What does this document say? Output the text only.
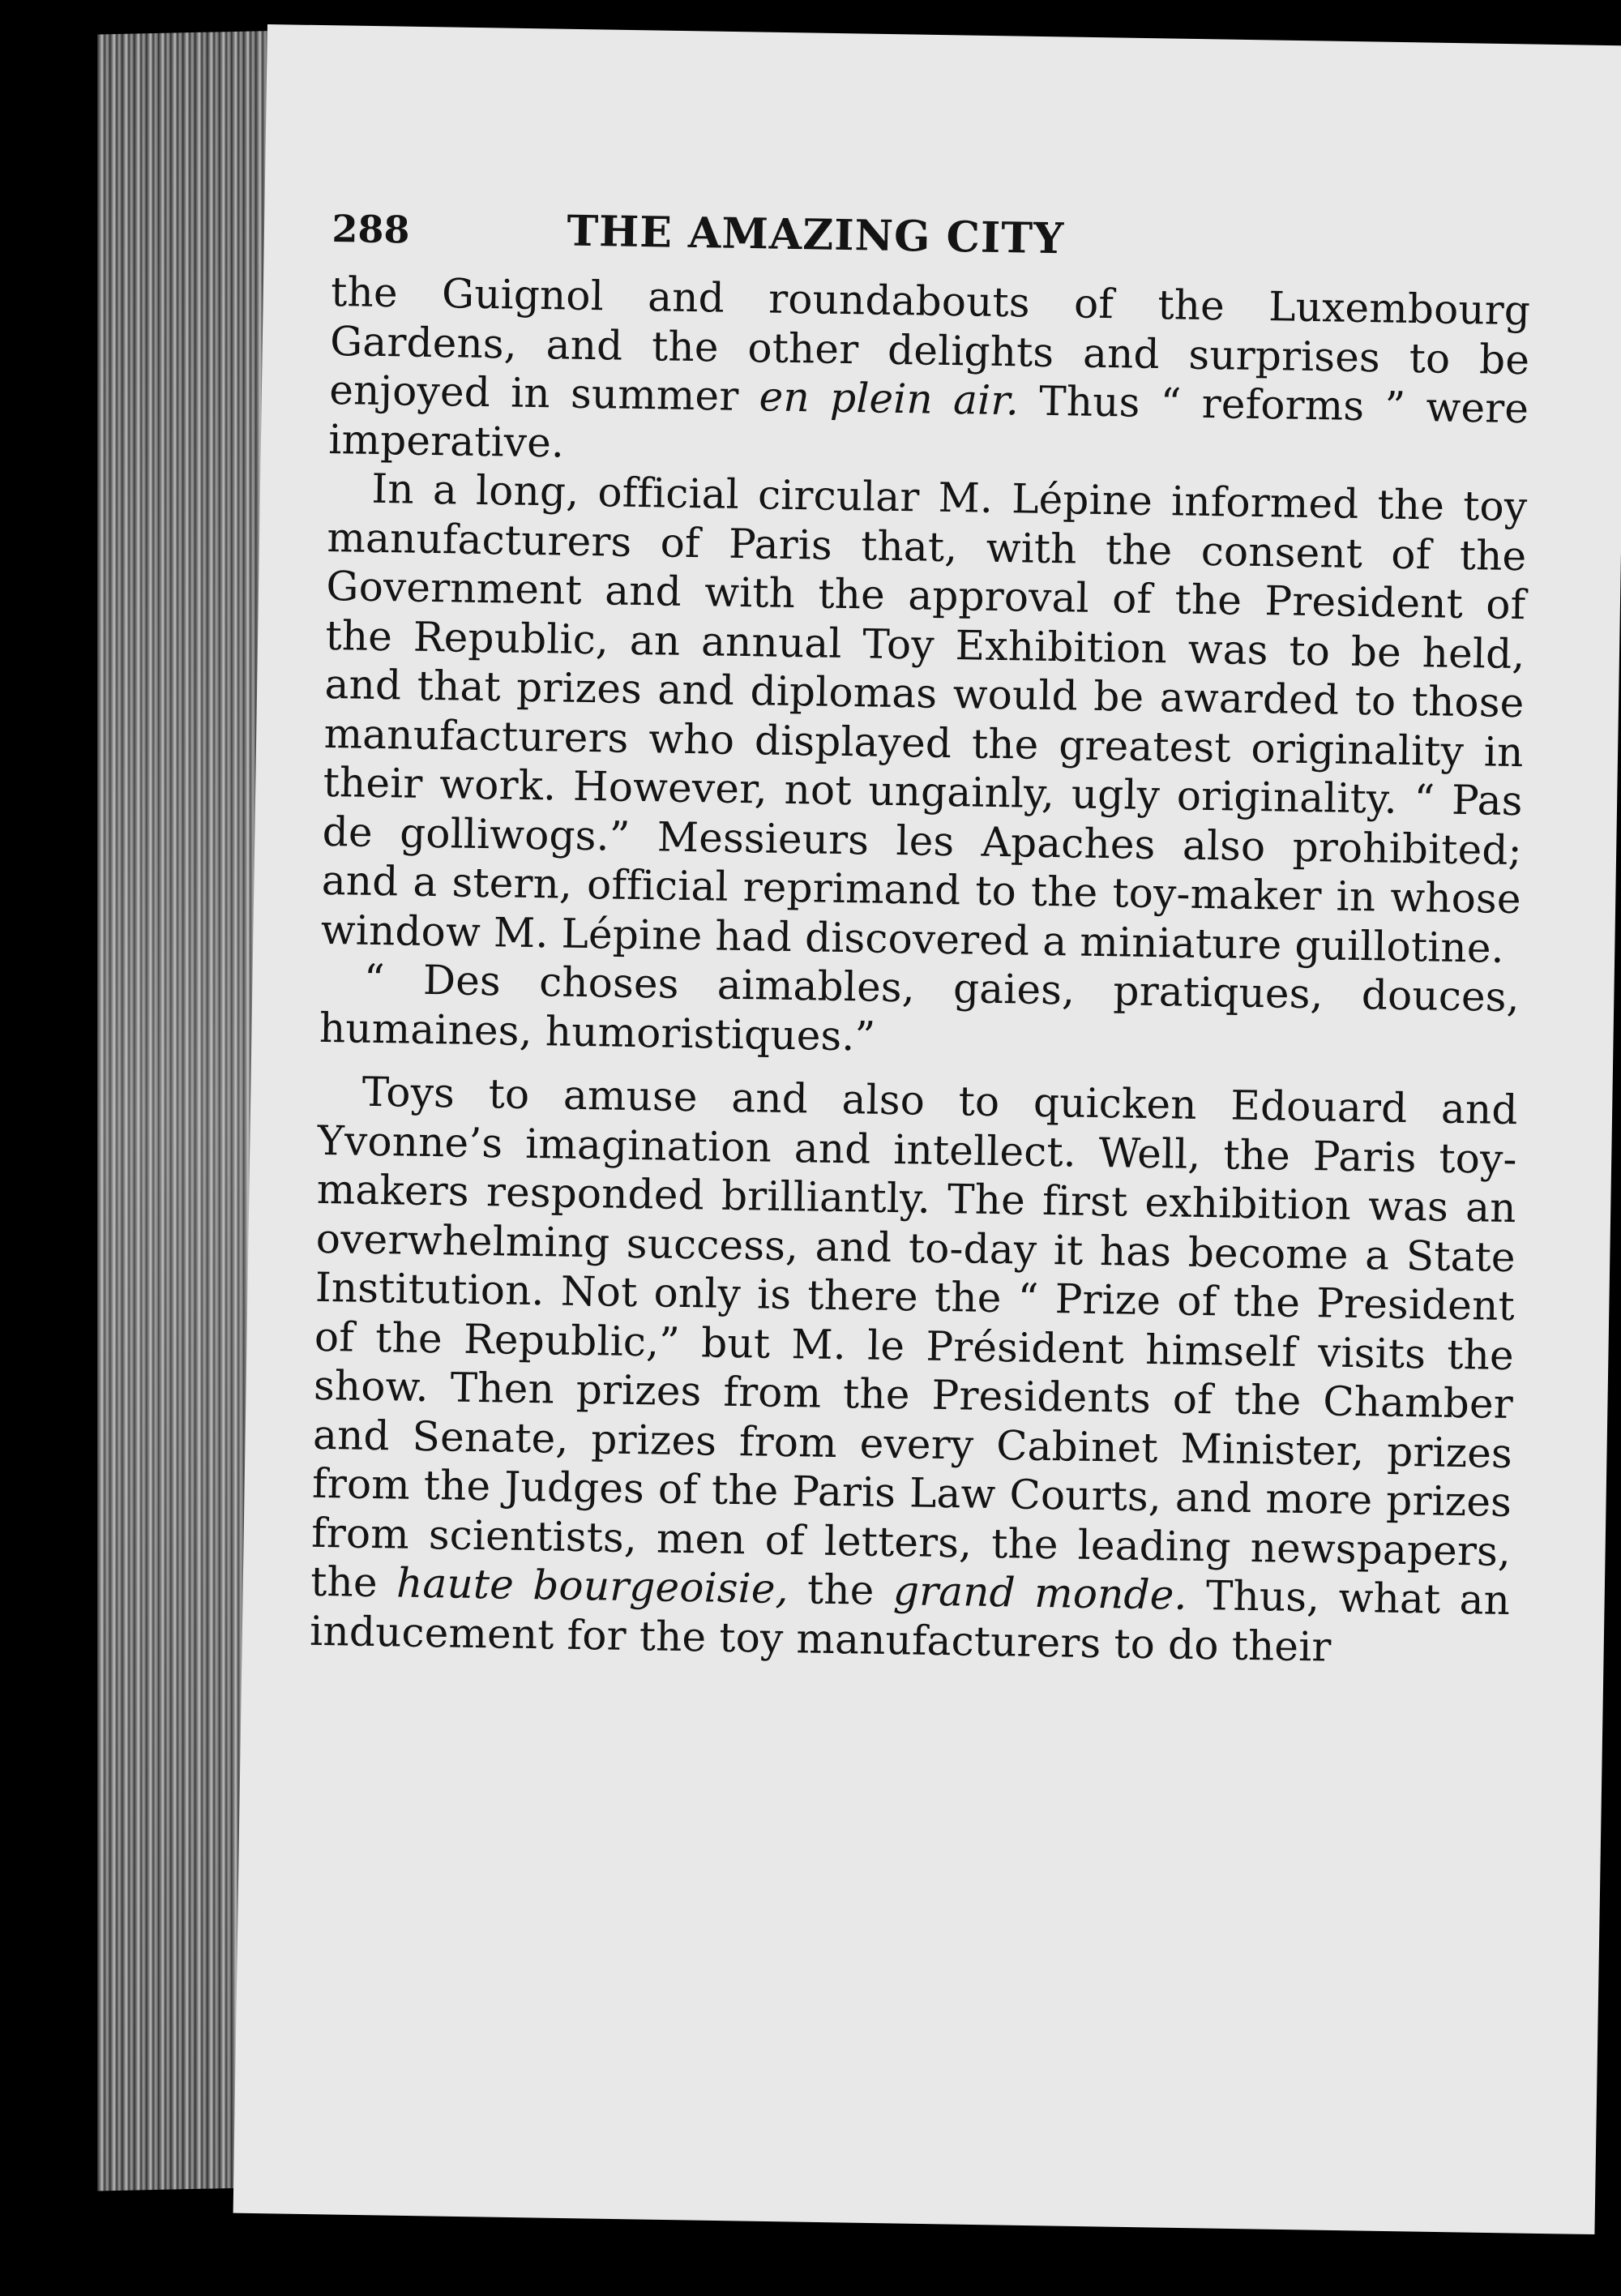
288	THE AMAZING CITY

the Guignol and roundabouts of the Luxembourg Gardens, and the other delights and surprises to be enjoyed in summer en plein air. Thus “ reforms ” were imperative.

In a long, official circular M. Lépine informed the toy manufacturers of Paris that, with the consent of the Government and with the approval of the President of the Republic, an annual Toy Exhibition was to be held, and that prizes and diplomas would be awarded to those manufacturers who displayed the greatest originality in their work. However, not ungainly, ugly originality. “ Pas de golliwogs.” Messieurs les Apaches also prohibited; and a stern, official reprimand to the toy-maker in whose window M. Lépine had discovered a miniature guillotine.

“ Des choses aimables, gaies, pratiques, douces, humaines, humoristiques.”

Toys to amuse and also to quicken Edouard and Yvonne’s imagination and intellect. Well, the Paris toy-makers responded brilliantly. The first exhibition was an overwhelming success, and to-day it has become a State Institution. Not only is there the “ Prize of the President of the Republic,” but M. le Président himself visits the show. Then prizes from the Presidents of the Chamber and Senate, prizes from every Cabinet Minister, prizes from the Judges of the Paris Law Courts, and more prizes from scientists, men of letters, the leading newspapers, the haute bourgeoisie, the grand monde. Thus, what an inducement for the toy manufacturers to do their
